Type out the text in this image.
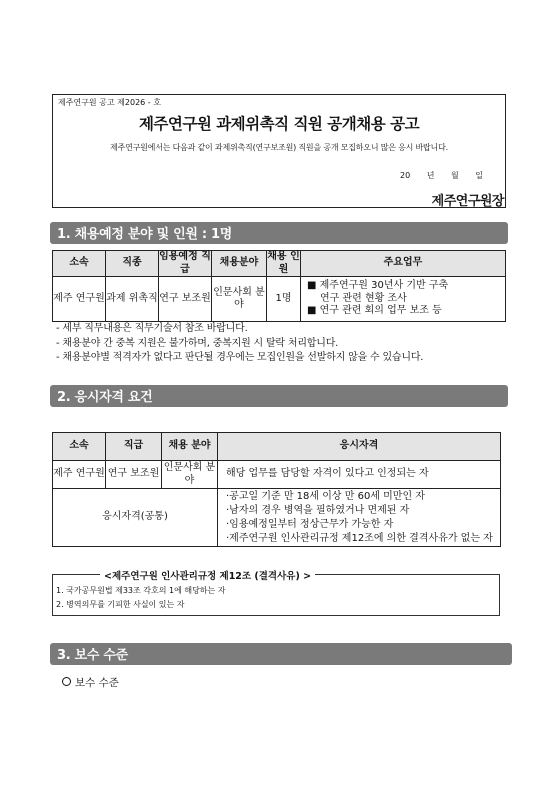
제주연구원 공고 제2026 - 호
제주연구원 과제위촉직 직원 공개채용 공고
제주연구원에서는 다음과 같이 과제위촉직(연구보조원) 직원을 공개 모집하오니 많은 응시 바랍니다.
20 년 월 일
제주연구원장
1. 채용예정 분야 및 인원 : 1명
소속	직종	임용예정 직급	채용분야	채용 인원	주요업무
제주 연구원	과제 위촉직	연구 보조원	인문사회 분야	1명	■ 제주연구원 30년사 기반 구축
연구 관련 현황 조사
■ 연구 관련 회의 업무 보조 등
- 세부 직무내용은 직무기술서 참조 바랍니다.
- 채용분야 간 중복 지원은 불가하며, 중복지원 시 탈락 처리합니다.
- 채용분야별 적격자가 없다고 판단될 경우에는 모집인원을 선발하지 않을 수 있습니다.
2. 응시자격 요건
소속	직급	채용 분야	응시자격
제주 연구원	연구 보조원	인문사회 분야	해당 업무를 담당할 자격이 있다고 인정되는 자
응시자격(공통)			·공고일 기준 만 18세 이상 만 60세 미만인 자
·남자의 경우 병역을 필하였거나 면제된 자
·임용예정일부터 정상근무가 가능한 자
·제주연구원 인사관리규정 제12조에 의한 결격사유가 없는 자
<제주연구원 인사관리규정 제12조 (결격사유) >
1. 국가공무원법 제33조 각호의 1에 해당하는 자
2. 병역의무를 기피한 사실이 있는 자
3. 보수 수준
보수 수준
